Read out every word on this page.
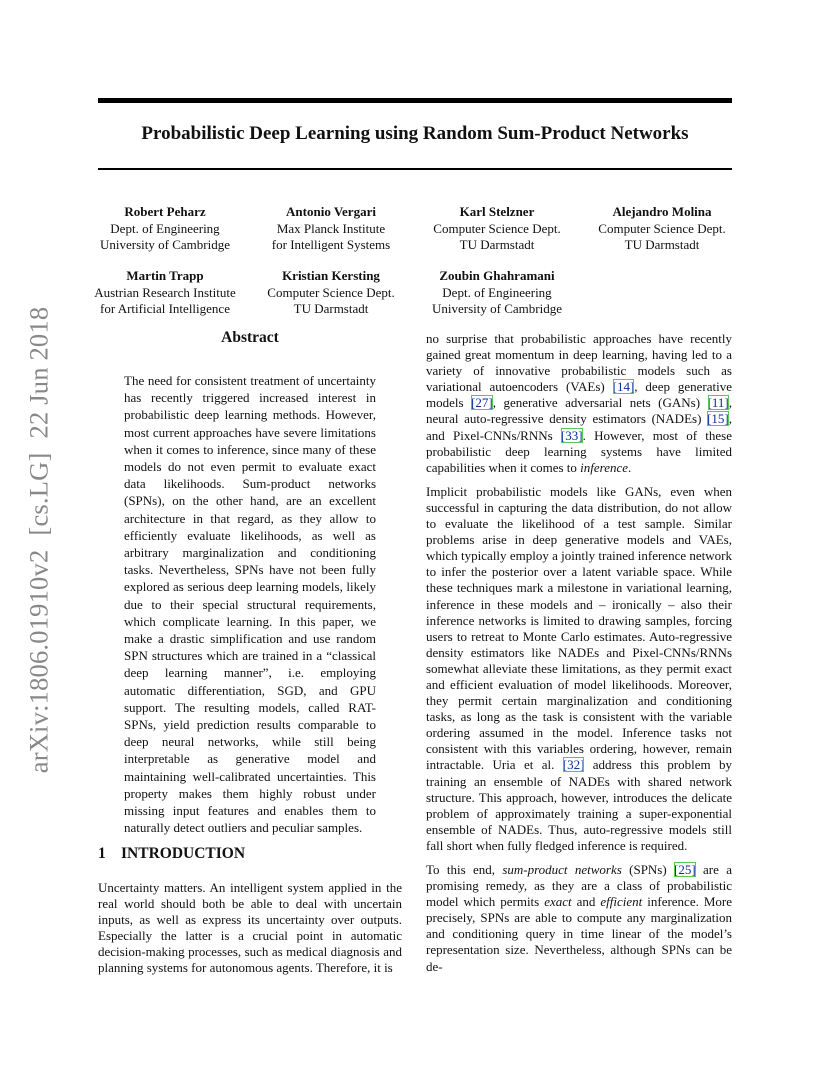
Probabilistic Deep Learning using Random Sum-Product Networks
arXiv:1806.01910v2[cs.LG]22 Jun 2018
Robert Peharz
Dept. of Engineering
University of Cambridge
Antonio Vergari
Max Planck Institute
for Intelligent Systems
Karl Stelzner
Computer Science Dept.
TU Darmstadt
Alejandro Molina
Computer Science Dept.
TU Darmstadt
Martin Trapp
Austrian Research Institute
for Artificial Intelligence
Kristian Kersting
Computer Science Dept.
TU Darmstadt
Zoubin Ghahramani
Dept. of Engineering
University of Cambridge
Abstract
The need for consistent treatment of uncertainty has recently triggered increased interest in probabilistic deep learning methods. However, most current approaches have severe limitations when it comes to inference, since many of these models do not even permit to evaluate exact data likelihoods. Sum-product networks (SPNs), on the other hand, are an excellent architecture in that regard, as they allow to efficiently evaluate likelihoods, as well as arbitrary marginalization and conditioning tasks. Nevertheless, SPNs have not been fully explored as serious deep learning models, likely due to their special structural requirements, which complicate learning. In this paper, we make a drastic simplification and use random SPN structures which are trained in a “classical deep learning manner”, i.e. employing automatic differentiation, SGD, and GPU support. The resulting models, called RAT-SPNs, yield prediction results comparable to deep neural networks, while still being interpretable as generative model and maintaining well-calibrated uncertainties. This property makes them highly robust under missing input features and enables them to naturally detect outliers and peculiar samples.
1 INTRODUCTION

Uncertainty matters. An intelligent system applied in the real world should both be able to deal with uncertain inputs, as well as express its uncertainty over outputs. Especially the latter is a crucial point in automatic decision-making processes, such as medical diagnosis and planning systems for autonomous agents. Therefore, it is

no surprise that probabilistic approaches have recently gained great momentum in deep learning, having led to a variety of innovative probabilistic models such as variational autoencoders (VAEs) [14], deep generative models [27], generative adversarial nets (GANs) [11], neural auto-regressive density estimators (NADEs) [15], and Pixel-CNNs/RNNs [33]. However, most of these probabilistic deep learning systems have limited capabilities when it comes to inference.

Implicit probabilistic models like GANs, even when successful in capturing the data distribution, do not allow to evaluate the likelihood of a test sample. Similar problems arise in deep generative models and VAEs, which typically employ a jointly trained inference network to infer the posterior over a latent variable space. While these techniques mark a milestone in variational learning, inference in these models and – ironically – also their inference networks is limited to drawing samples, forcing users to retreat to Monte Carlo estimates. Auto-regressive density estimators like NADEs and Pixel-CNNs/RNNs somewhat alleviate these limitations, as they permit exact and efficient evaluation of model likelihoods. Moreover, they permit certain marginalization and conditioning tasks, as long as the task is consistent with the variable ordering assumed in the model. Inference tasks not consistent with this variables ordering, however, remain intractable. Uria et al. [32] address this problem by training an ensemble of NADEs with shared network structure. This approach, however, introduces the delicate problem of approximately training a super-exponential ensemble of NADEs. Thus, auto-regressive models still fall short when fully fledged inference is required.

To this end, sum-product networks (SPNs) [25] are a promising remedy, as they are a class of probabilistic model which permits exact and efficient inference. More precisely, SPNs are able to compute any marginalization and conditioning query in time linear of the model’s representation size. Nevertheless, although SPNs can be de-
